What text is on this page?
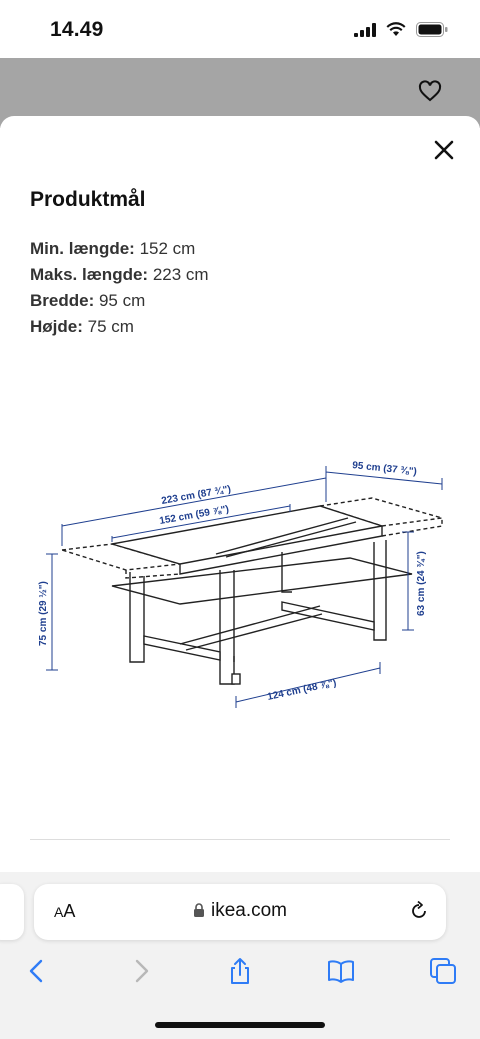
14.49
Produktmål
Min. længde: 152 cm
Maks. længde: 223 cm
Bredde: 95 cm
Højde: 75 cm
223 cm (87 ¾")
152 cm (59 ⅞")
95 cm (37 ⅜")
75 cm (29 ½")	63 cm (24 ¾")
124 cm (48 ⅞")
AA	ikea.com
